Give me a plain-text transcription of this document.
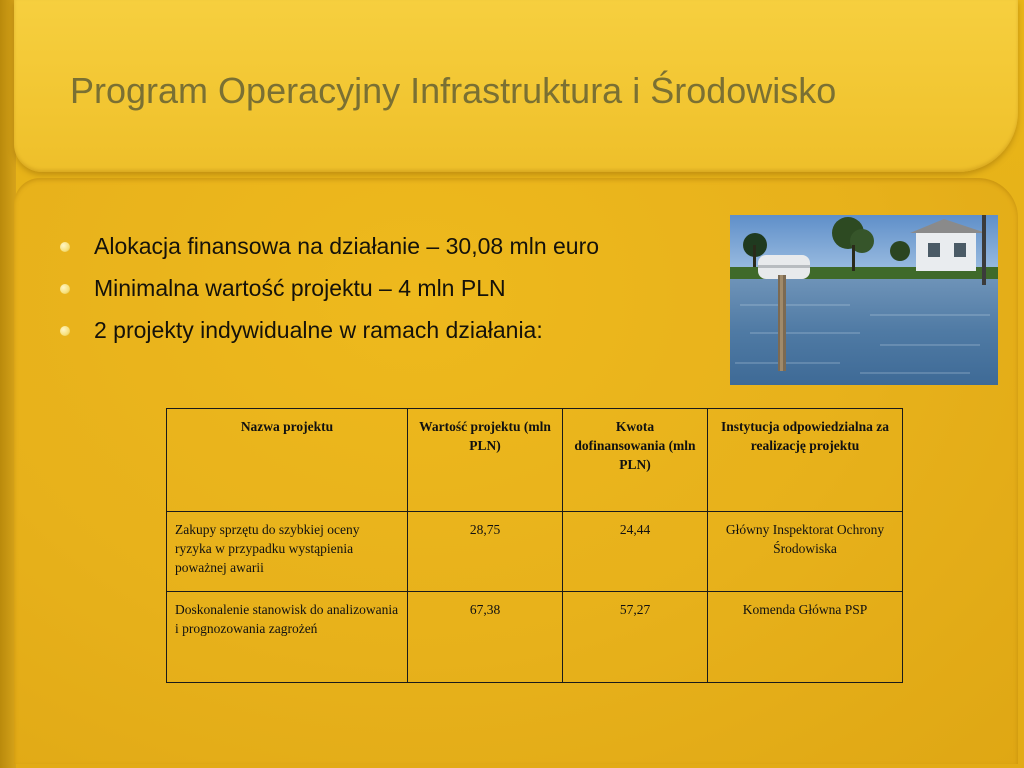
Program Operacyjny Infrastruktura i Środowisko
Alokacja finansowa na działanie – 30,08 mln euro
Minimalna wartość projektu – 4 mln PLN
2 projekty indywidualne w ramach działania:
Nazwa projektu	Wartość projektu (mln PLN)	Kwota dofinansowania (mln PLN)	Instytucja odpowiedzialna za realizację projektu
Zakupy sprzętu do szybkiej oceny ryzyka w przypadku wystąpienia poważnej awarii	28,75	24,44	Główny Inspektorat Ochrony Środowiska
Doskonalenie stanowisk do analizowania i prognozowania zagrożeń	67,38	57,27	Komenda Główna PSP
